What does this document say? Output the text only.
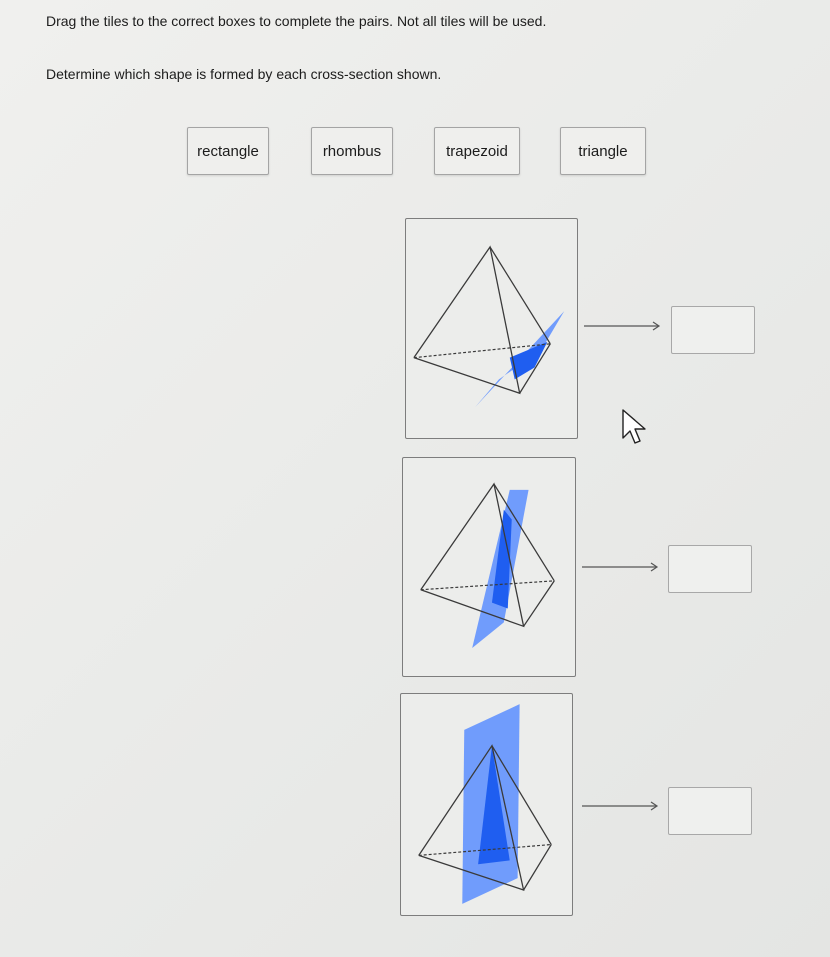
Drag the tiles to the correct boxes to complete the pairs. Not all tiles will be used.
Determine which shape is formed by each cross-section shown.
rectangle	rhombus	trapezoid	triangle
